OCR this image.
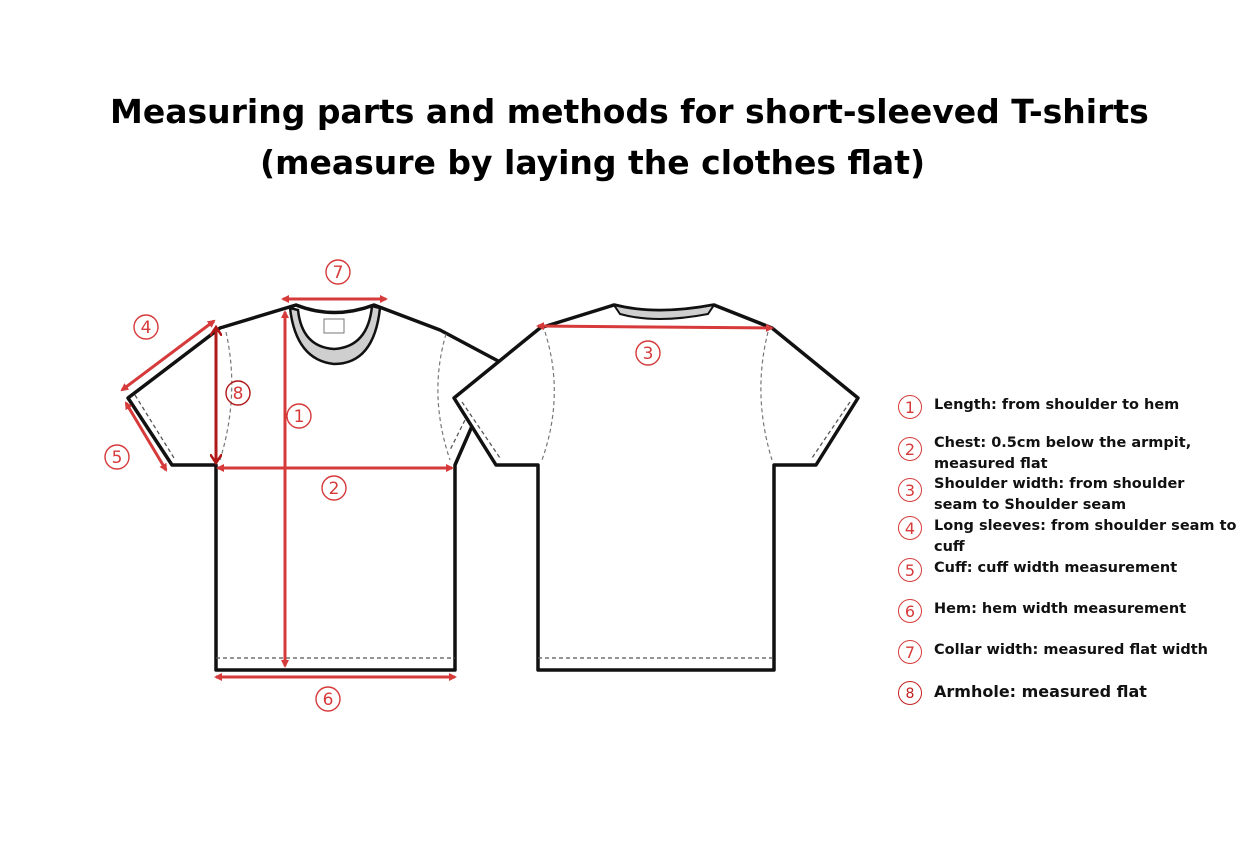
Measuring parts and methods for short-sleeved T-shirts
(measure by laying the clothes flat)
7
4
5
8
1
2
6
3
1	Length: from shoulder to hem
2	Chest: 0.5cm below the armpit, measured flat
3	Shoulder width: from shoulder seam to Shoulder seam
4	Long sleeves: from shoulder seam to cuff
5	Cuff: cuff width measurement
6	Hem: hem width measurement
7	Collar width: measured flat width
8	Armhole: measured flat
